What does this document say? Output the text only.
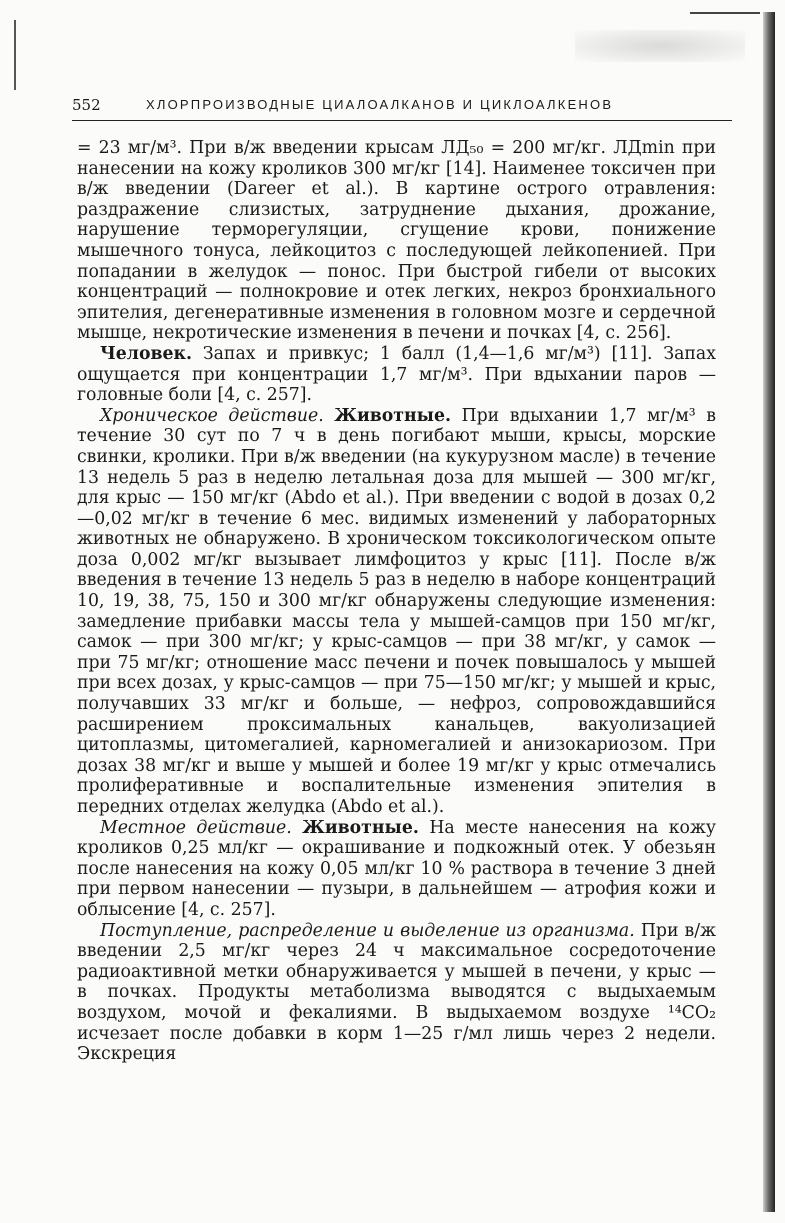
552	ХЛОРПРОИЗВОДНЫЕ ЦИАЛОАЛКАНОВ И ЦИКЛОАЛКЕНОВ

= 23 мг/м³. При в/ж введении крысам ЛД₅₀ = 200 мг/кг. ЛДmin при нанесении на кожу кроликов 300 мг/кг [14]. Наименее токсичен при в/ж введении (Dareer et al.). В картине острого отравления: раздражение слизистых, затруднение дыхания, дрожание, нарушение терморегуляции, сгущение крови, понижение мышечного тонуса, лейкоцитоз с последующей лейкопенией. При попадании в желудок — понос. При быстрой гибели от высоких концентраций — полнокровие и отек легких, некроз бронхиального эпителия, дегенеративные изменения в головном мозге и сердечной мышце, некротические изменения в печени и почках [4, с. 256].

Человек. Запах и привкус; 1 балл (1,4—1,6 мг/м³) [11]. Запах ощущается при концентрации 1,7 мг/м³. При вдыхании паров — головные боли [4, с. 257].

Хроническое действие. Животные. При вдыхании 1,7 мг/м³ в течение 30 сут по 7 ч в день погибают мыши, крысы, морские свинки, кролики. При в/ж введении (на кукурузном масле) в течение 13 недель 5 раз в неделю летальная доза для мышей — 300 мг/кг, для крыс — 150 мг/кг (Abdo et al.). При введении с водой в дозах 0,2—0,02 мг/кг в течение 6 мес. видимых изменений у лабораторных животных не обнаружено. В хроническом токсикологическом опыте доза 0,002 мг/кг вызывает лимфоцитоз у крыс [11]. После в/ж введения в течение 13 недель 5 раз в неделю в наборе концентраций 10, 19, 38, 75, 150 и 300 мг/кг обнаружены следующие изменения: замедление прибавки массы тела у мышей-самцов при 150 мг/кг, самок — при 300 мг/кг; у крыс-самцов — при 38 мг/кг, у самок — при 75 мг/кг; отношение масс печени и почек повышалось у мышей при всех дозах, у крыс-самцов — при 75—150 мг/кг; у мышей и крыс, получавших 33 мг/кг и больше, — нефроз, сопровождавшийся расширением проксимальных канальцев, вакуолизацией цитоплазмы, цитомегалией, карномегалией и анизокариозом. При дозах 38 мг/кг и выше у мышей и более 19 мг/кг у крыс отмечались пролиферативные и воспалительные изменения эпителия в передних отделах желудка (Abdo et al.).

Местное действие. Животные. На месте нанесения на кожу кроликов 0,25 мл/кг — окрашивание и подкожный отек. У обезьян после нанесения на кожу 0,05 мл/кг 10 % раствора в течение 3 дней при первом нанесении — пузыри, в дальнейшем — атрофия кожи и облысение [4, с. 257].

Поступление, распределение и выделение из организма. При в/ж введении 2,5 мг/кг через 24 ч максимальное сосредоточение радиоактивной метки обнаруживается у мышей в печени, у крыс — в почках. Продукты метаболизма выводятся с выдыхаемым воздухом, мочой и фекалиями. В выдыхаемом воздухе ¹⁴CO₂ исчезает после добавки в корм 1—25 г/мл лишь через 2 недели. Экскреция
